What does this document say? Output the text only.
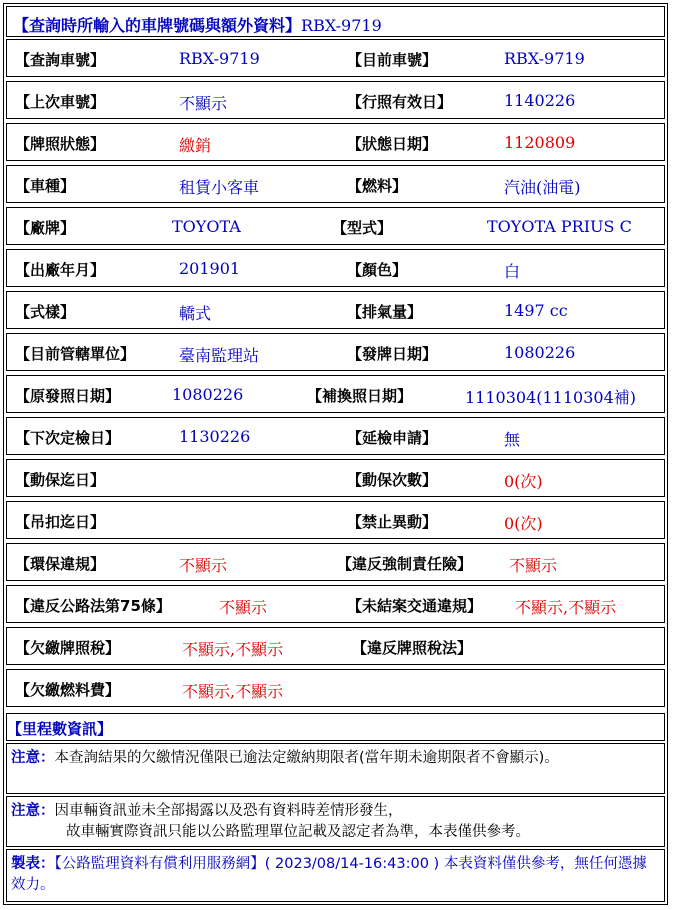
【查詢時所輸入的車牌號碼與額外資料】RBX-9719
【查詢車號】	RBX-9719	【目前車號】	RBX-9719
【上次車號】	不顯示	【行照有效日】	1140226
【牌照狀態】	繳銷	【狀態日期】	1120809
【車種】	租賃小客車	【燃料】	汽油(油電)
【廠牌】	TOYOTA	【型式】	TOYOTA PRIUS C
【出廠年月】	201901	【顏色】	白
【式樣】	轎式	【排氣量】	1497 cc
【目前管轄單位】	臺南監理站	【發牌日期】	1080226
【原發照日期】	1080226	【補換照日期】	1110304(1110304補)
【下次定檢日】	1130226	【延檢申請】	無
【動保迄日】	【動保次數】	0(次)
【吊扣迄日】	【禁止異動】	0(次)
【環保違規】	不顯示	【違反強制責任險】 不顯示
【違反公路法第75條】	不顯示	【未結案交通違規】 不顯示,不顯示
【欠繳牌照稅】	不顯示,不顯示	【違反牌照稅法】
【欠繳燃料費】	不顯示,不顯示
【里程數資訊】
注意：本查詢結果的欠繳情況僅限已逾法定繳納期限者(當年期未逾期限者不會顯示)。
注意：因車輛資訊並未全部揭露以及恐有資料時差情形發生，
故車輛實際資訊只能以公路監理單位記載及認定者為準，本表僅供參考。
製表：【公路監理資料有償利用服務網】( 2023/08/14-16:43:00 ) 本表資料僅供參考，無任何憑據效力。
